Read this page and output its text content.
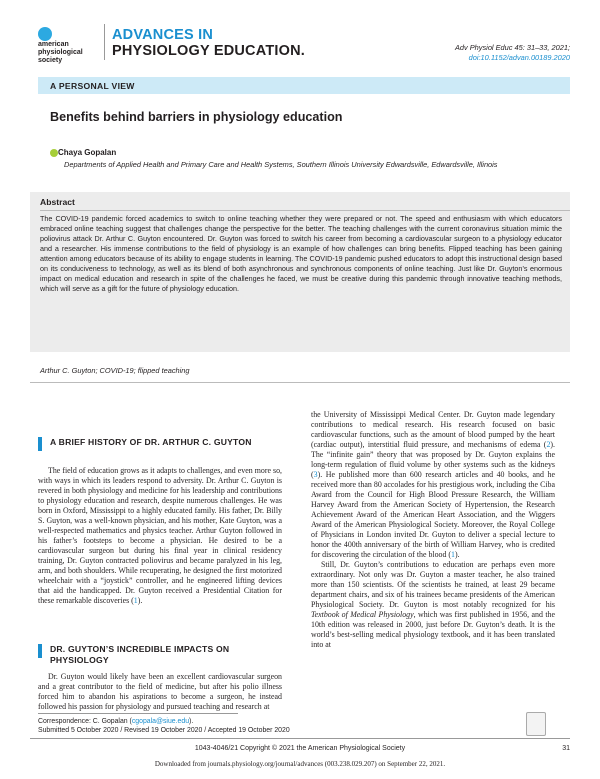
american
physiological
society
ADVANCES IN
PHYSIOLOGY EDUCATION.	Adv Physiol Educ 45: 31–33, 2021;
doi:10.1152/advan.00189.2020
A PERSONAL VIEW
Benefits behind barriers in physiology education
Chaya Gopalan
Departments of Applied Health and Primary Care and Health Systems, Southern Illinois University Edwardsville, Edwardsville, Illinois
Abstract
The COVID-19 pandemic forced academics to switch to online teaching whether they were prepared or not. The speed and enthusiasm with which educators embraced online teaching suggest that challenges change the perspective for the better. The teaching challenges with the current coronavirus situation mimic the poliovirus attack Dr. Arthur C. Guyton encountered. Dr. Guyton was forced to switch his career from becoming a cardiovascular surgeon to a physiology educator and a researcher. His immense contributions to the field of physiology is an example of how challenges can bring benefits. Flipped teaching has been gaining attention among educators because of its ability to engage students in learning. The COVID-19 pandemic pushed educators to adopt this instructional design based on its conduciveness to technology, as well as its blend of both asynchronous and synchronous components of online teaching. Just like Dr. Guyton’s enormous impact on medical education and research in spite of the challenges he faced, we must be creative during this pandemic through innovative teaching methods, which will serve as a gift for the future of physiology education.
Arthur C. Guyton; COVID-19; flipped teaching
A BRIEF HISTORY OF DR. ARTHUR C. GUYTON

The field of education grows as it adapts to challenges, and even more so, with ways in which its leaders respond to adversity. Dr. Arthur C. Guyton is revered in both physiology and medicine for his leadership and contributions to physiology education and research, despite numerous challenges. He was born in Oxford, Mississippi to a highly educated family. His father, Dr. Billy S. Guyton, was a well-known physician, and his mother, Kate Guyton, was a well-respected mathematics and physics teacher. Arthur Guyton followed in his father’s footsteps to become a physician. He desired to be a cardiovascular surgeon but during his final year in clinical residency training, Dr. Guyton contracted poliovirus and became paralyzed in his leg, arm, and both shoulders. While recuperating, he designed the first motorized wheelchair with a “joystick” controller, and he engineered lifting devices that aid the handicapped. Dr. Guyton received a Presidential Citation for these remarkable discoveries (1).

DR. GUYTON’S INCREDIBLE IMPACTS ON PHYSIOLOGY

Dr. Guyton would likely have been an excellent cardiovascular surgeon and a great contributor to the field of medicine, but after his polio illness forced him to abandon his aspirations to become a surgeon, he instead followed his passion for physiology and pursued teaching and research at

the University of Mississippi Medical Center. Dr. Guyton made legendary contributions to medical research. His research focused on basic cardiovascular functions, such as the amount of blood pumped by the heart (cardiac output), interstitial fluid pressure, and mechanisms of edema (2). The “infinite gain” theory that was proposed by Dr. Guyton explains the long-term regulation of fluid volume by other systems such as the kidneys (3). He published more than 600 research articles and 40 books, and he received more than 80 accolades for his prestigious work, including the Ciba Award from the Council for High Blood Pressure Research, the William Harvey Award from the American Society of Hypertension, the Research Achievement Award of the American Heart Association, and the Wiggers Award of the American Physiological Society. Moreover, the Royal College of Physicians in London invited Dr. Guyton to deliver a special lecture to honor the 400th anniversary of the birth of William Harvey, who is credited for discovering the circulation of the blood (1).

Still, Dr. Guyton’s contributions to education are perhaps even more extraordinary. Not only was Dr. Guyton a master teacher, he also trained more than 150 scientists. Of the scientists he trained, at least 29 became department chairs, and six of his trainees became presidents of the American Physiological Society. Dr. Guyton is most notably recognized for his Textbook of Medical Physiology, which was first published in 1956, and the 10th edition was released in 2000, just before Dr. Guyton’s death. It is the world’s best-selling medical physiology textbook, and it has been translated into at

Correspondence: C. Gopalan (cgopala@siue.edu).
Submitted 5 October 2020 / Revised 19 October 2020 / Accepted 19 October 2020
1043-4046/21 Copyright © 2021 the American Physiological Society	31
Downloaded from journals.physiology.org/journal/advances (003.238.029.207) on September 22, 2021.
